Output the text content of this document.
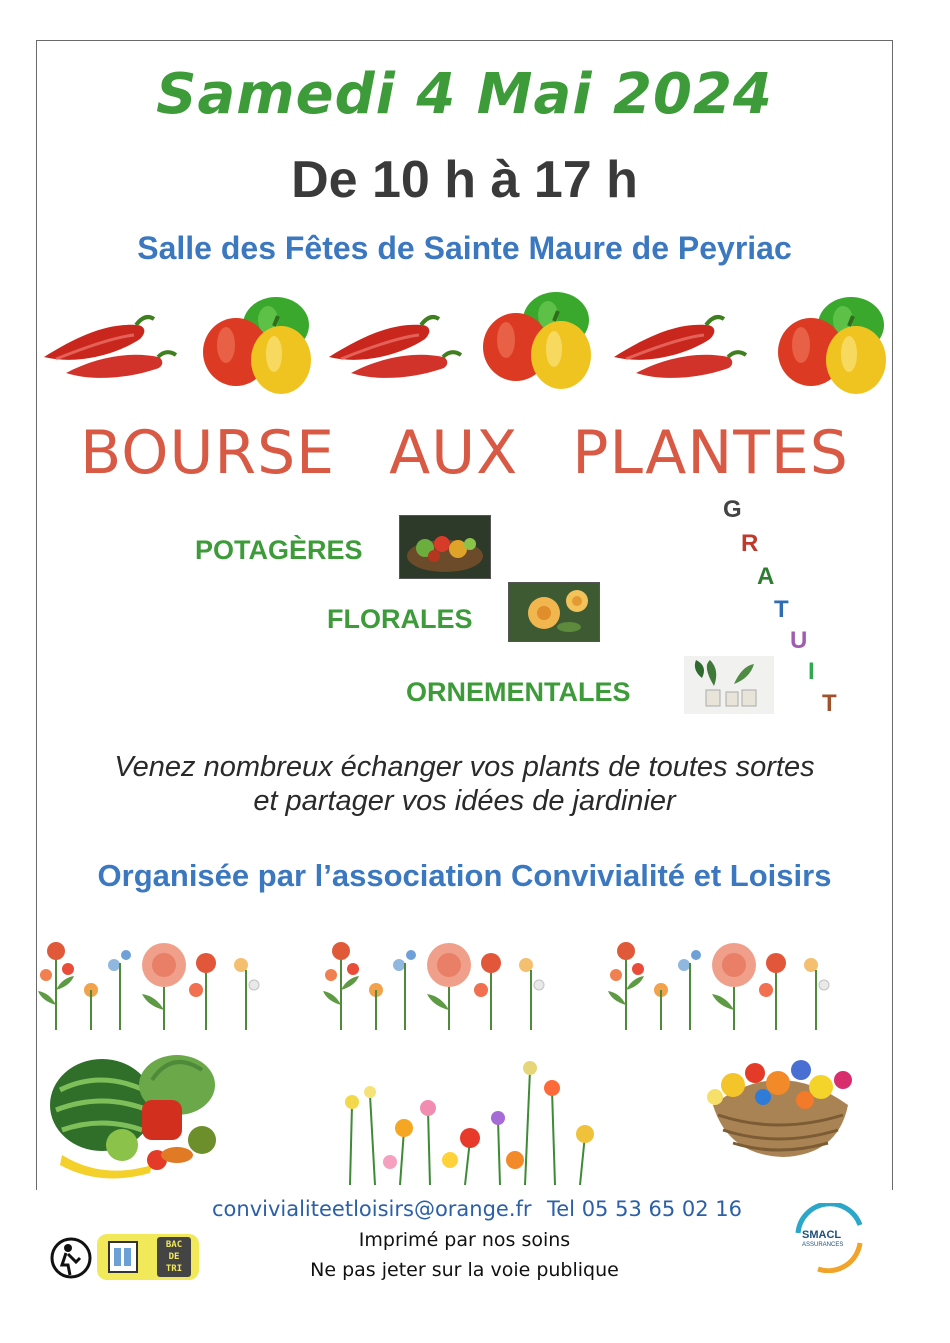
Samedi 4 Mai 2024
De 10 h à 17 h
Salle des Fêtes de Sainte Maure de Peyriac
BOURSE AUX PLANTES
POTAGÈRES
FLORALES
ORNEMENTALES
G
R
A
T
U
I
T
Venez nombreux échanger vos plants de toutes sortes
et partager vos idées de jardinier
Organisée par l’association Convivialité et Loisirs
convivialiteetloisirs@orange.fr Tel 05 53 65 02 16
Imprimé par nos soins
Ne pas jeter sur la voie publique
BAC
DE
TRI
SMACL
ASSURANCES
